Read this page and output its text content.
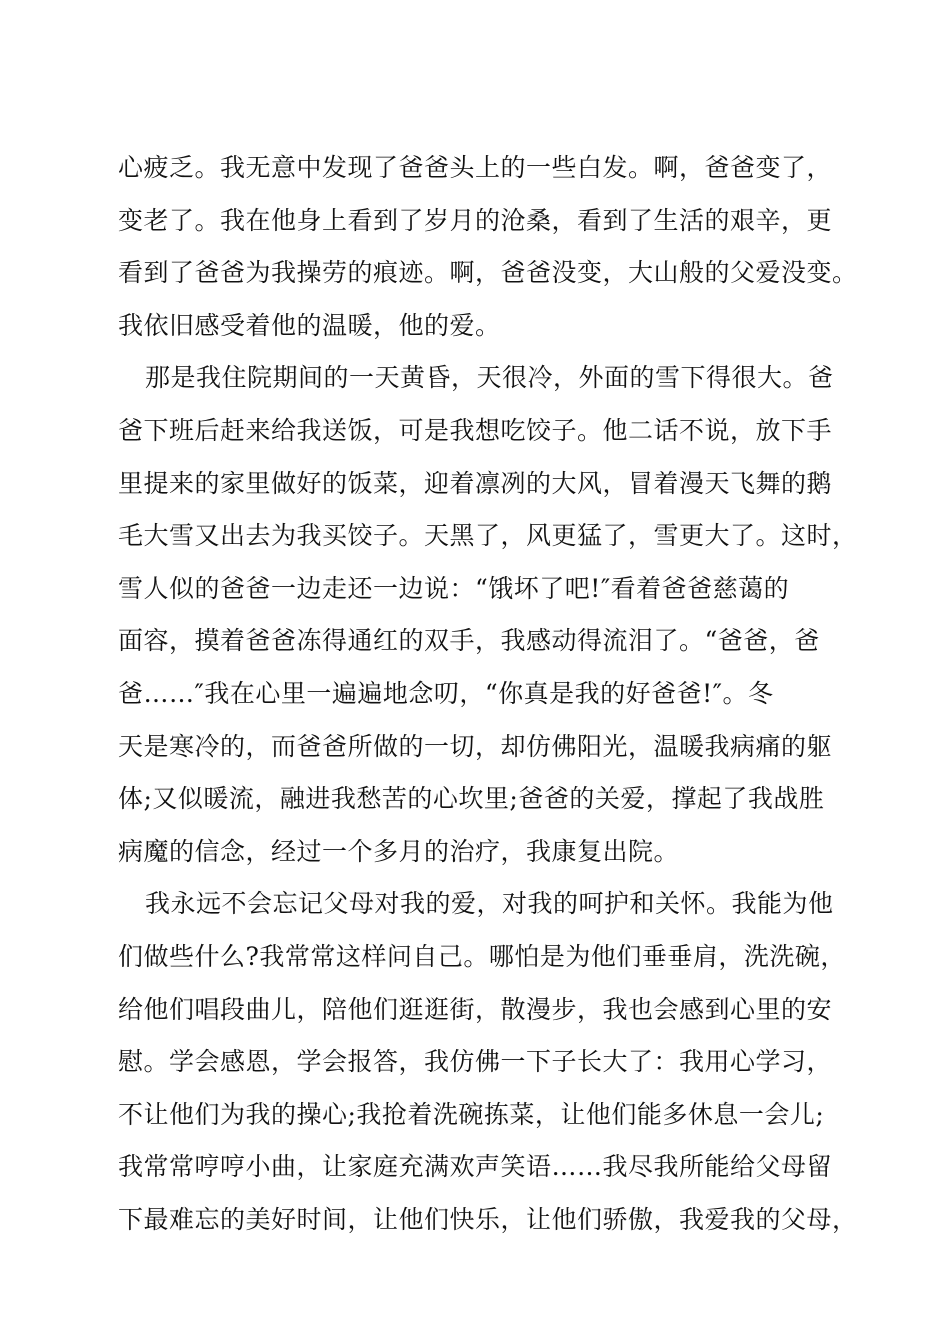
心疲乏。我无意中发现了爸爸头上的一些白发。啊，爸爸变了，
变老了。我在他身上看到了岁月的沧桑，看到了生活的艰辛，更
看到了爸爸为我操劳的痕迹。啊，爸爸没变，大山般的父爱没变。
我依旧感受着他的温暖，他的爱。
那是我住院期间的一天黄昏，天很冷，外面的雪下得很大。爸
爸下班后赶来给我送饭，可是我想吃饺子。他二话不说，放下手
里提来的家里做好的饭菜，迎着凛冽的大风，冒着漫天飞舞的鹅
毛大雪又出去为我买饺子。天黑了，风更猛了，雪更大了。这时，
雪人似的爸爸一边走还一边说：“饿坏了吧!″看着爸爸慈蔼的
面容，摸着爸爸冻得通红的双手，我感动得流泪了。“爸爸，爸
爸……″我在心里一遍遍地念叨，“你真是我的好爸爸!″。冬
天是寒冷的，而爸爸所做的一切，却仿佛阳光，温暖我病痛的躯
体;又似暖流，融进我愁苦的心坎里;爸爸的关爱，撑起了我战胜
病魔的信念，经过一个多月的治疗，我康复出院。
我永远不会忘记父母对我的爱，对我的呵护和关怀。我能为他
们做些什么?我常常这样问自己。哪怕是为他们垂垂肩，洗洗碗，
给他们唱段曲儿，陪他们逛逛街，散漫步，我也会感到心里的安
慰。学会感恩，学会报答，我仿佛一下子长大了：我用心学习，
不让他们为我的操心;我抢着洗碗拣菜，让他们能多休息一会儿;
我常常哼哼小曲，让家庭充满欢声笑语……我尽我所能给父母留
下最难忘的美好时间，让他们快乐，让他们骄傲，我爱我的父母，
